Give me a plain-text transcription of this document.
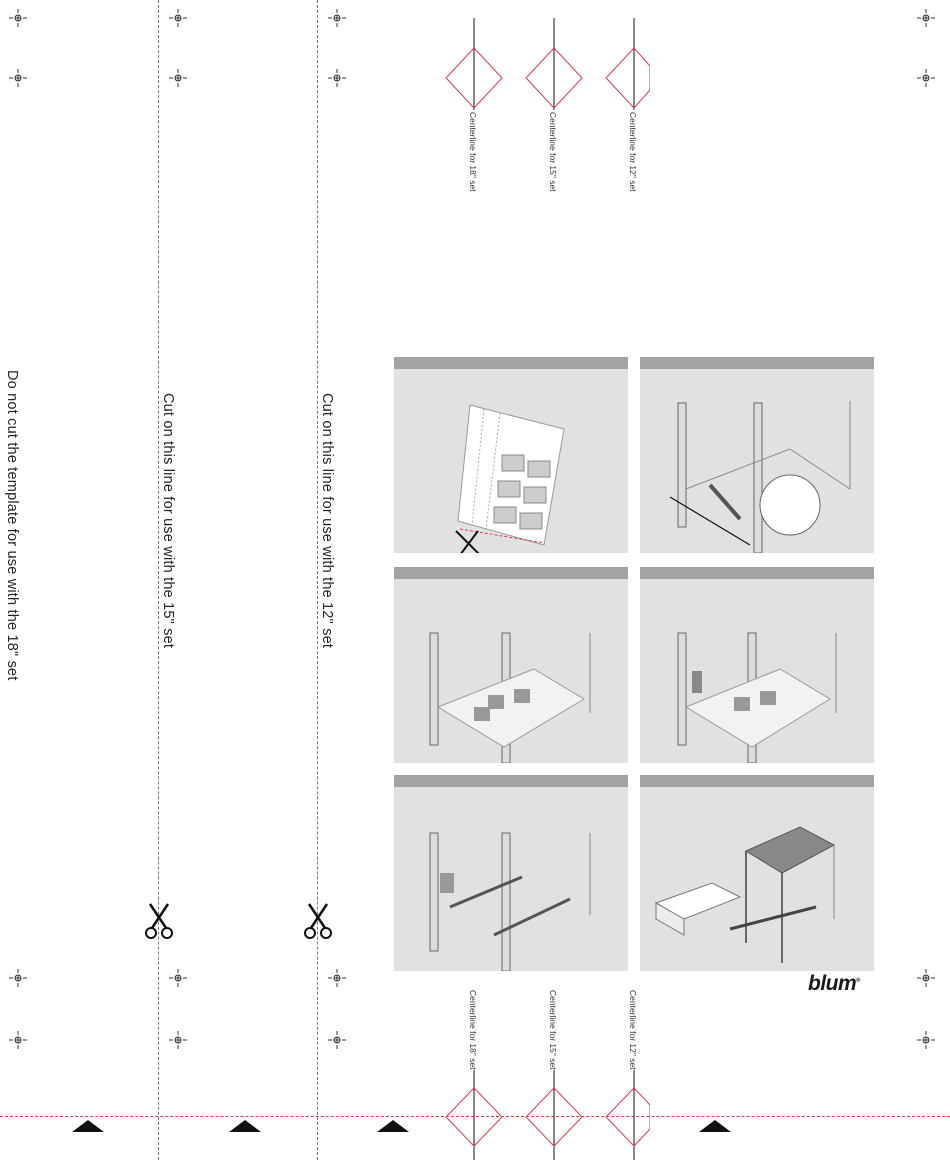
Centerline for 18" set	Centerline for 15" set	Centerline for 12" set
Centerline for 18" set	Centerline for 15" set	Centerline for 12" set
Do not cut the template for use with the 18" set	Cut on this line for use with the 15" set	Cut on this line for use with the 12" set
blum®
